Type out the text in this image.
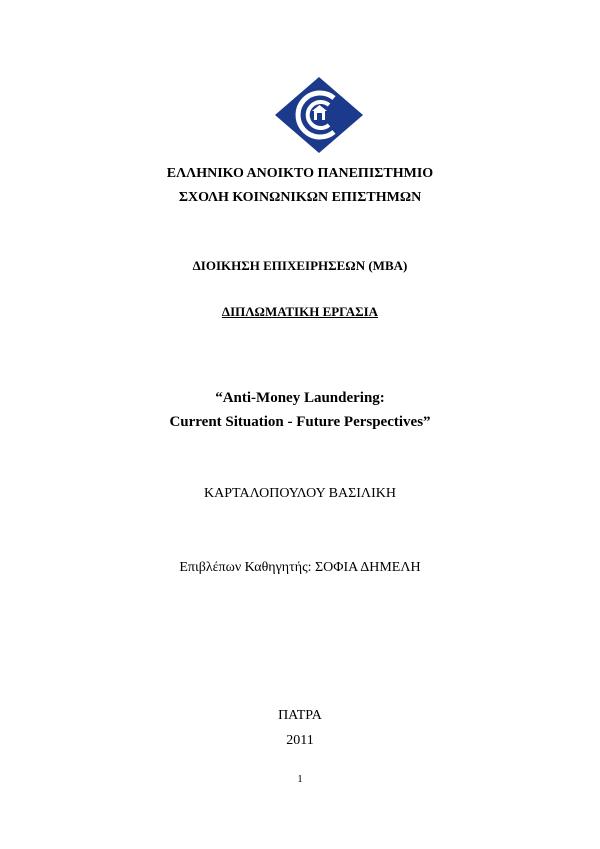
ΕΛΛΗΝΙΚΟ ΑΝΟΙΚΤΟ ΠΑΝΕΠΙΣΤΗΜΙΟ
ΣΧΟΛΗ ΚΟΙΝΩΝΙΚΩΝ ΕΠΙΣΤΗΜΩΝ
ΔΙΟΙΚΗΣΗ ΕΠΙΧΕΙΡΗΣΕΩΝ (MBA)
ΔΙΠΛΩΜΑΤΙΚΗ ΕΡΓΑΣΙΑ
“Anti-Money Laundering:
Current Situation - Future Perspectives”
ΚΑΡΤΑΛΟΠΟΥΛΟΥ ΒΑΣΙΛΙΚΗ
Επιβλέπων Καθηγητής: ΣΟΦΙΑ ΔΗΜΕΛΗ
ΠΑΤΡΑ
2011
1
